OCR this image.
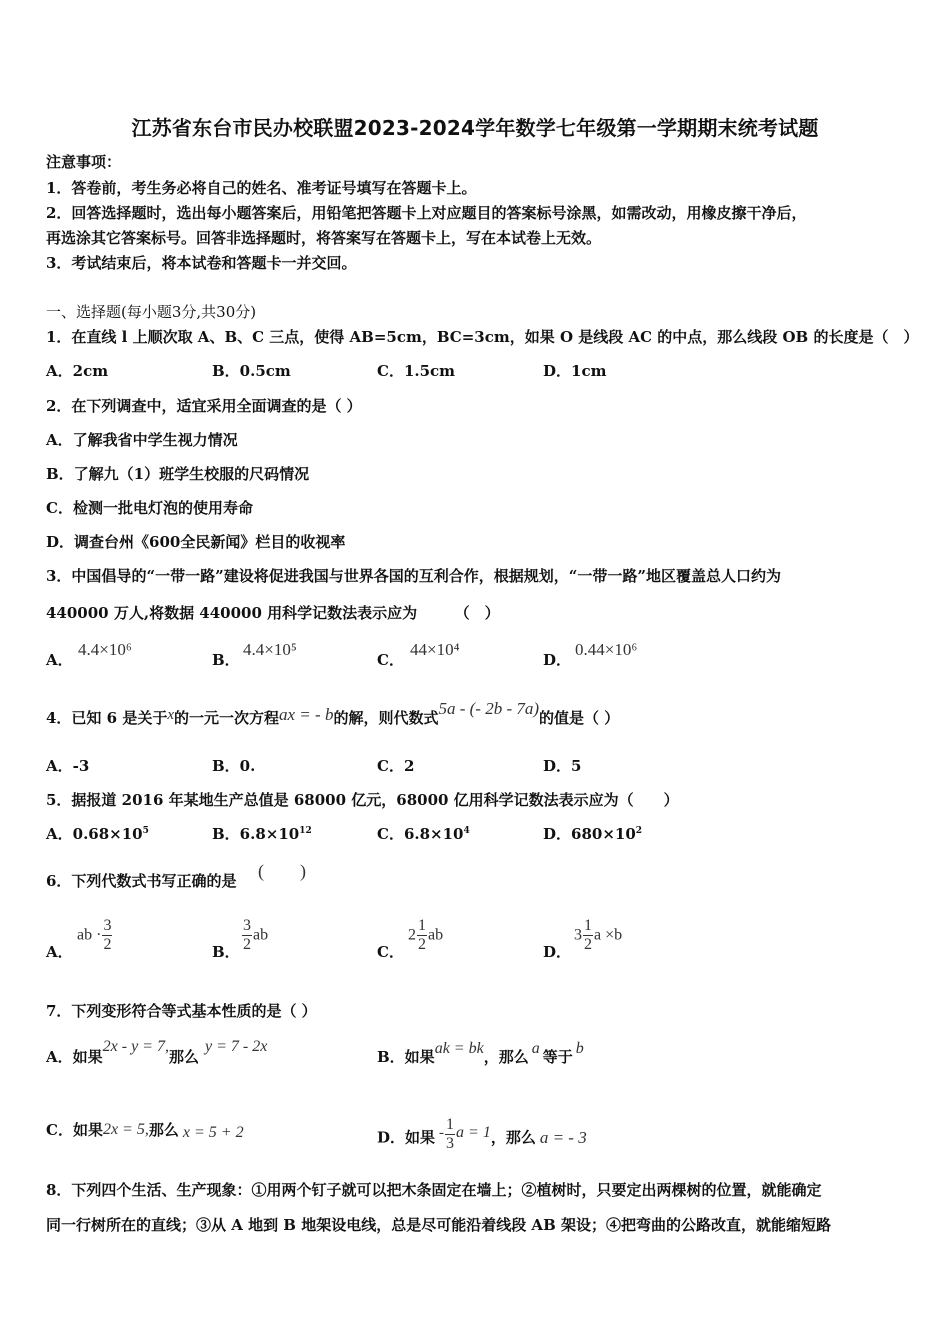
江苏省东台市民办校联盟2023-2024学年数学七年级第一学期期末统考试题
注意事项：
1．答卷前，考生务必将自己的姓名、准考证号填写在答题卡上。
2．回答选择题时，选出每小题答案后，用铅笔把答题卡上对应题目的答案标号涂黑，如需改动，用橡皮擦干净后，
再选涂其它答案标号。回答非选择题时，将答案写在答题卡上，写在本试卷上无效。
3．考试结束后，将本试卷和答题卡一并交回。
一、选择题(每小题3分,共30分)
1．在直线 l 上顺次取 A、B、C 三点，使得 AB=5cm，BC=3cm，如果 O 是线段 AC 的中点，那么线段 OB 的长度是（　）
A．2cm	B．0.5cm	C．1.5cm	D．1cm
2．在下列调查中，适宜采用全面调查的是（ ）
A．了解我省中学生视力情况
B．了解九（1）班学生校服的尺码情况
C．检测一批电灯泡的使用寿命
D．调查台州《600全民新闻》栏目的收视率
3．中国倡导的“一带一路”建设将促进我国与世界各国的互利合作，根据规划，“一带一路”地区覆盖总人口约为
440000 万人,将数据 440000 用科学记数法表示应为　　　（　）
A．
4.4×10⁶
B．
4.4×10⁵
C．
44×10⁴
D．
0.44×10⁶
4．已知 6 是关于x的一元一次方程ax = - b的解，则代数式5a - (- 2b - 7a)的值是（ ）
A．-3	B．0.	C．2	D．5
5．据报道 2016 年某地生产总值是 68000 亿元，68000 亿用科学记数法表示应为（　　）
A．$0.68\times 10^5$	B．$6.8\times 10^{12}$	C．$6.8\times 10^4$	D．$680\times 10^2$
6．下列代数式书写正确的是 (　　)
A．
ab · $\frac{3}{2}$	B． $\frac{3}{2}$ ab
C．
$2 \frac{1}{2}$ ab
D．
$3 \frac{1}{2}$ a ×b
7．下列变形符合等式基本性质的是（ ）
A．如果2x - y = 7,那么y = 7 - 2x
B．如果ak = bk，那么 a 等于 b
C．如果2x = 5,那么 x = 5 + 2	D．如果 - $\frac{1}{3}$ a = 1，那么 a = - 3
8．下列四个生活、生产现象：①用两个钉子就可以把木条固定在墙上；②植树时，只要定出两棵树的位置，就能确定
同一行树所在的直线；③从 A 地到 B 地架设电线，总是尽可能沿着线段 AB 架设；④把弯曲的公路改直，就能缩短路
